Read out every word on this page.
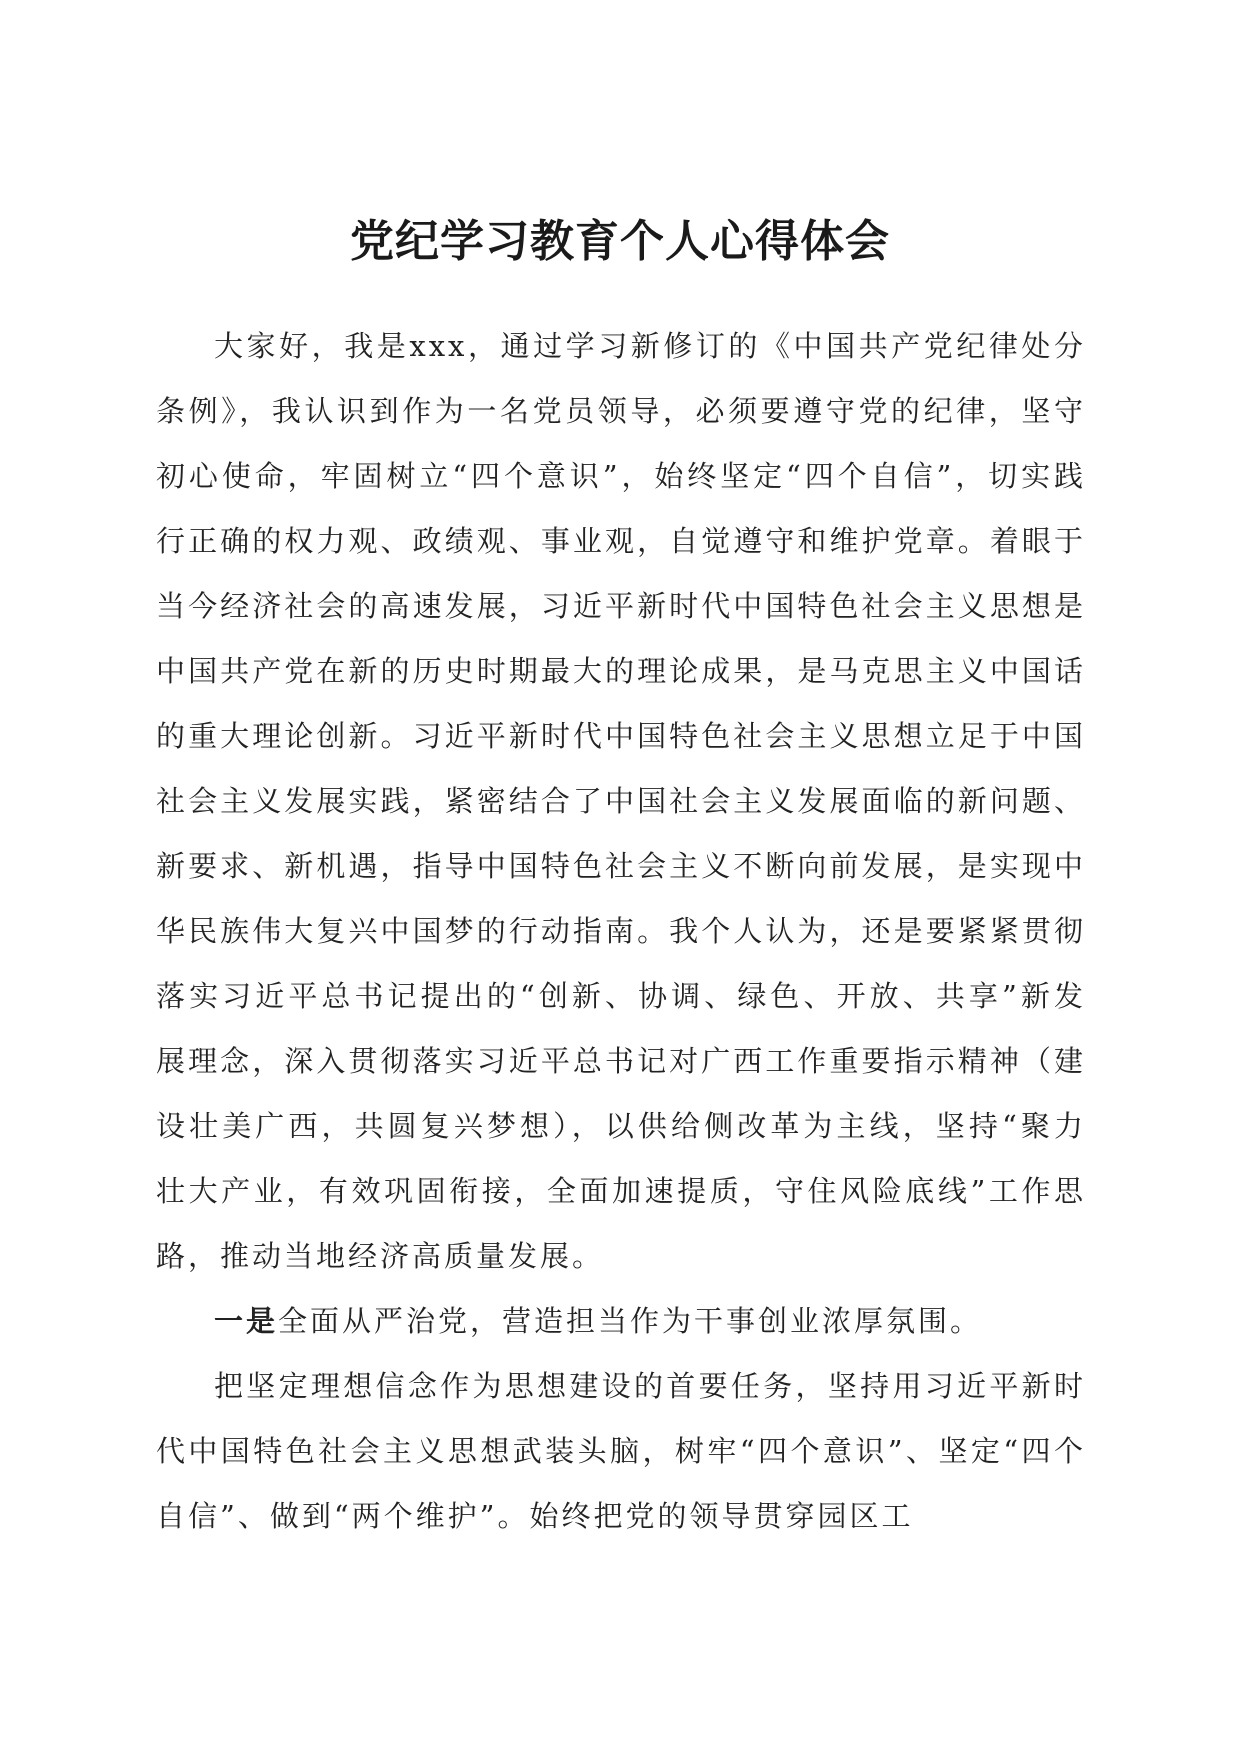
党纪学习教育个人心得体会

大家好，我是xxx，通过学习新修订的《中国共产党纪律处分条例》，我认识到作为一名党员领导，必须要遵守党的纪律，坚守初心使命，牢固树立“四个意识”，始终坚定“四个自信”，切实践行正确的权力观、政绩观、事业观，自觉遵守和维护党章。着眼于当今经济社会的高速发展，习近平新时代中国特色社会主义思想是中国共产党在新的历史时期最大的理论成果，是马克思主义中国话的重大理论创新。习近平新时代中国特色社会主义思想立足于中国社会主义发展实践，紧密结合了中国社会主义发展面临的新问题、新要求、新机遇，指导中国特色社会主义不断向前发展，是实现中华民族伟大复兴中国梦的行动指南。我个人认为，还是要紧紧贯彻落实习近平总书记提出的“创新、协调、绿色、开放、共享”新发展理念，深入贯彻落实习近平总书记对广西工作重要指示精神（建设壮美广西，共圆复兴梦想），以供给侧改革为主线，坚持“聚力壮大产业，有效巩固衔接，全面加速提质，守住风险底线”工作思路，推动当地经济高质量发展。

一是全面从严治党，营造担当作为干事创业浓厚氛围。

把坚定理想信念作为思想建设的首要任务，坚持用习近平新时代中国特色社会主义思想武装头脑，树牢“四个意识”、坚定“四个自信”、做到“两个维护”。始终把党的领导贯穿园区工
